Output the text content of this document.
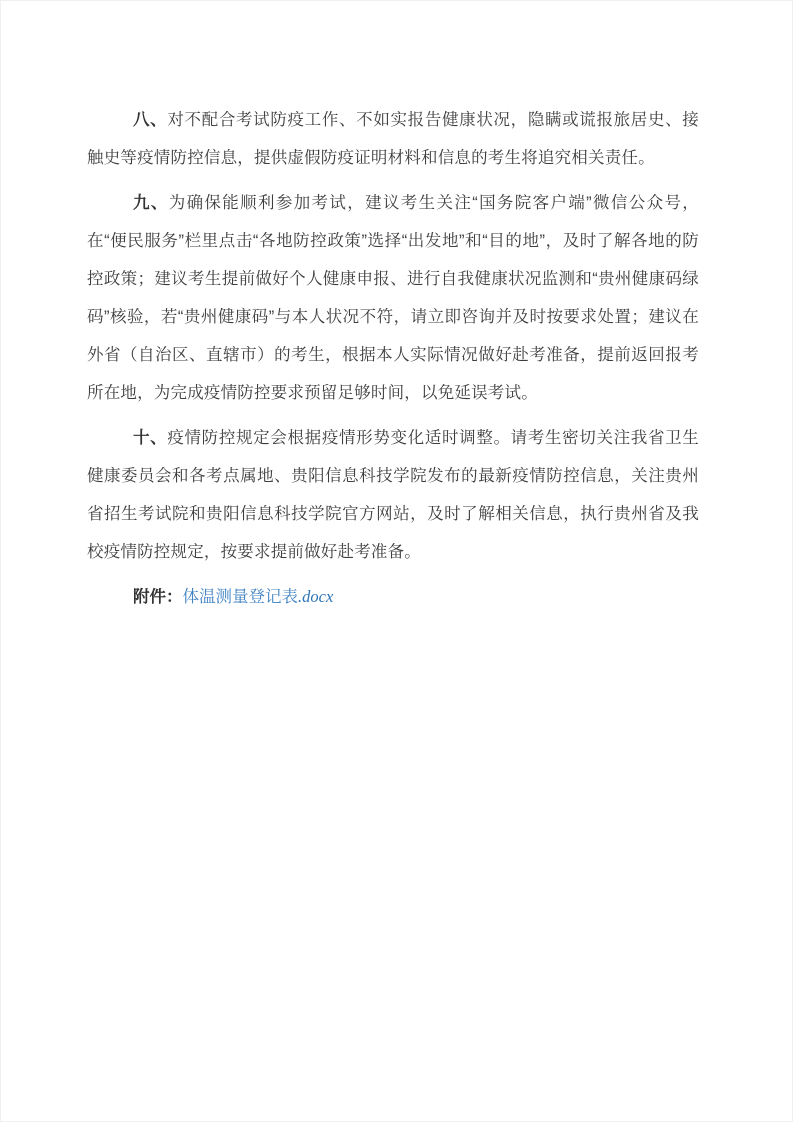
八、对不配合考试防疫工作、不如实报告健康状况，隐瞒或谎报旅居史、接触史等疫情防控信息，提供虚假防疫证明材料和信息的考生将追究相关责任。

九、为确保能顺利参加考试，建议考生关注“国务院客户端”微信公众号，在“便民服务”栏里点击“各地防控政策”选择“出发地”和“目的地”，及时了解各地的防控政策；建议考生提前做好个人健康申报、进行自我健康状况监测和“贵州健康码绿码”核验，若“贵州健康码”与本人状况不符，请立即咨询并及时按要求处置；建议在外省（自治区、直辖市）的考生，根据本人实际情况做好赴考准备，提前返回报考所在地，为完成疫情防控要求预留足够时间，以免延误考试。

十、疫情防控规定会根据疫情形势变化适时调整。请考生密切关注我省卫生健康委员会和各考点属地、贵阳信息科技学院发布的最新疫情防控信息，关注贵州省招生考试院和贵阳信息科技学院官方网站，及时了解相关信息，执行贵州省及我校疫情防控规定，按要求提前做好赴考准备。

附件：体温测量登记表.docx
